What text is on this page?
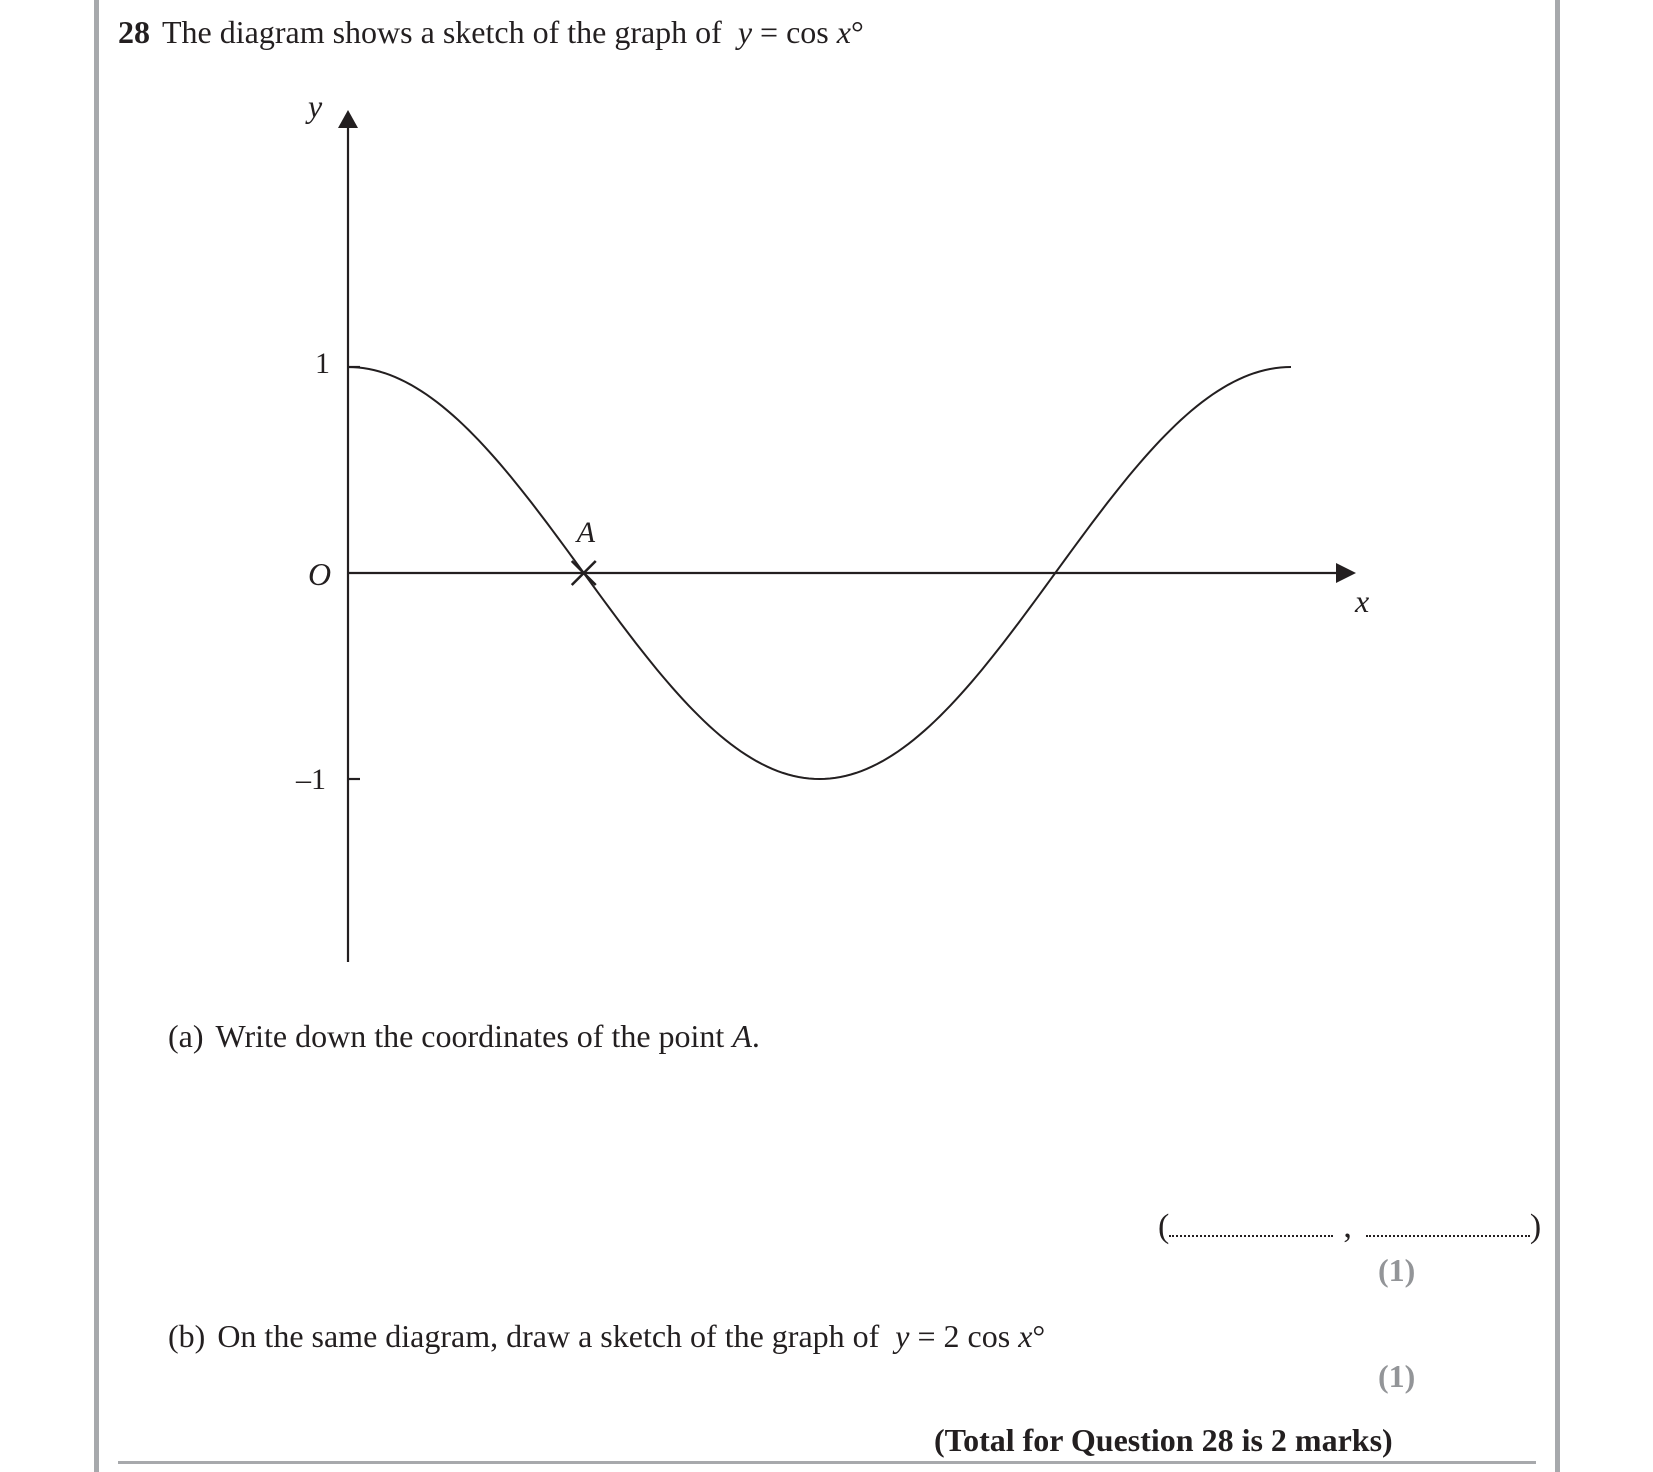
28 The diagram shows a sketch of the graph of y = cos x°
y
x
O
1
–1
A
(a) Write down the coordinates of the point A.
(	,	)
(1)
(b) On the same diagram, draw a sketch of the graph of y = 2 cos x°
(1)
(Total for Question 28 is 2 marks)
